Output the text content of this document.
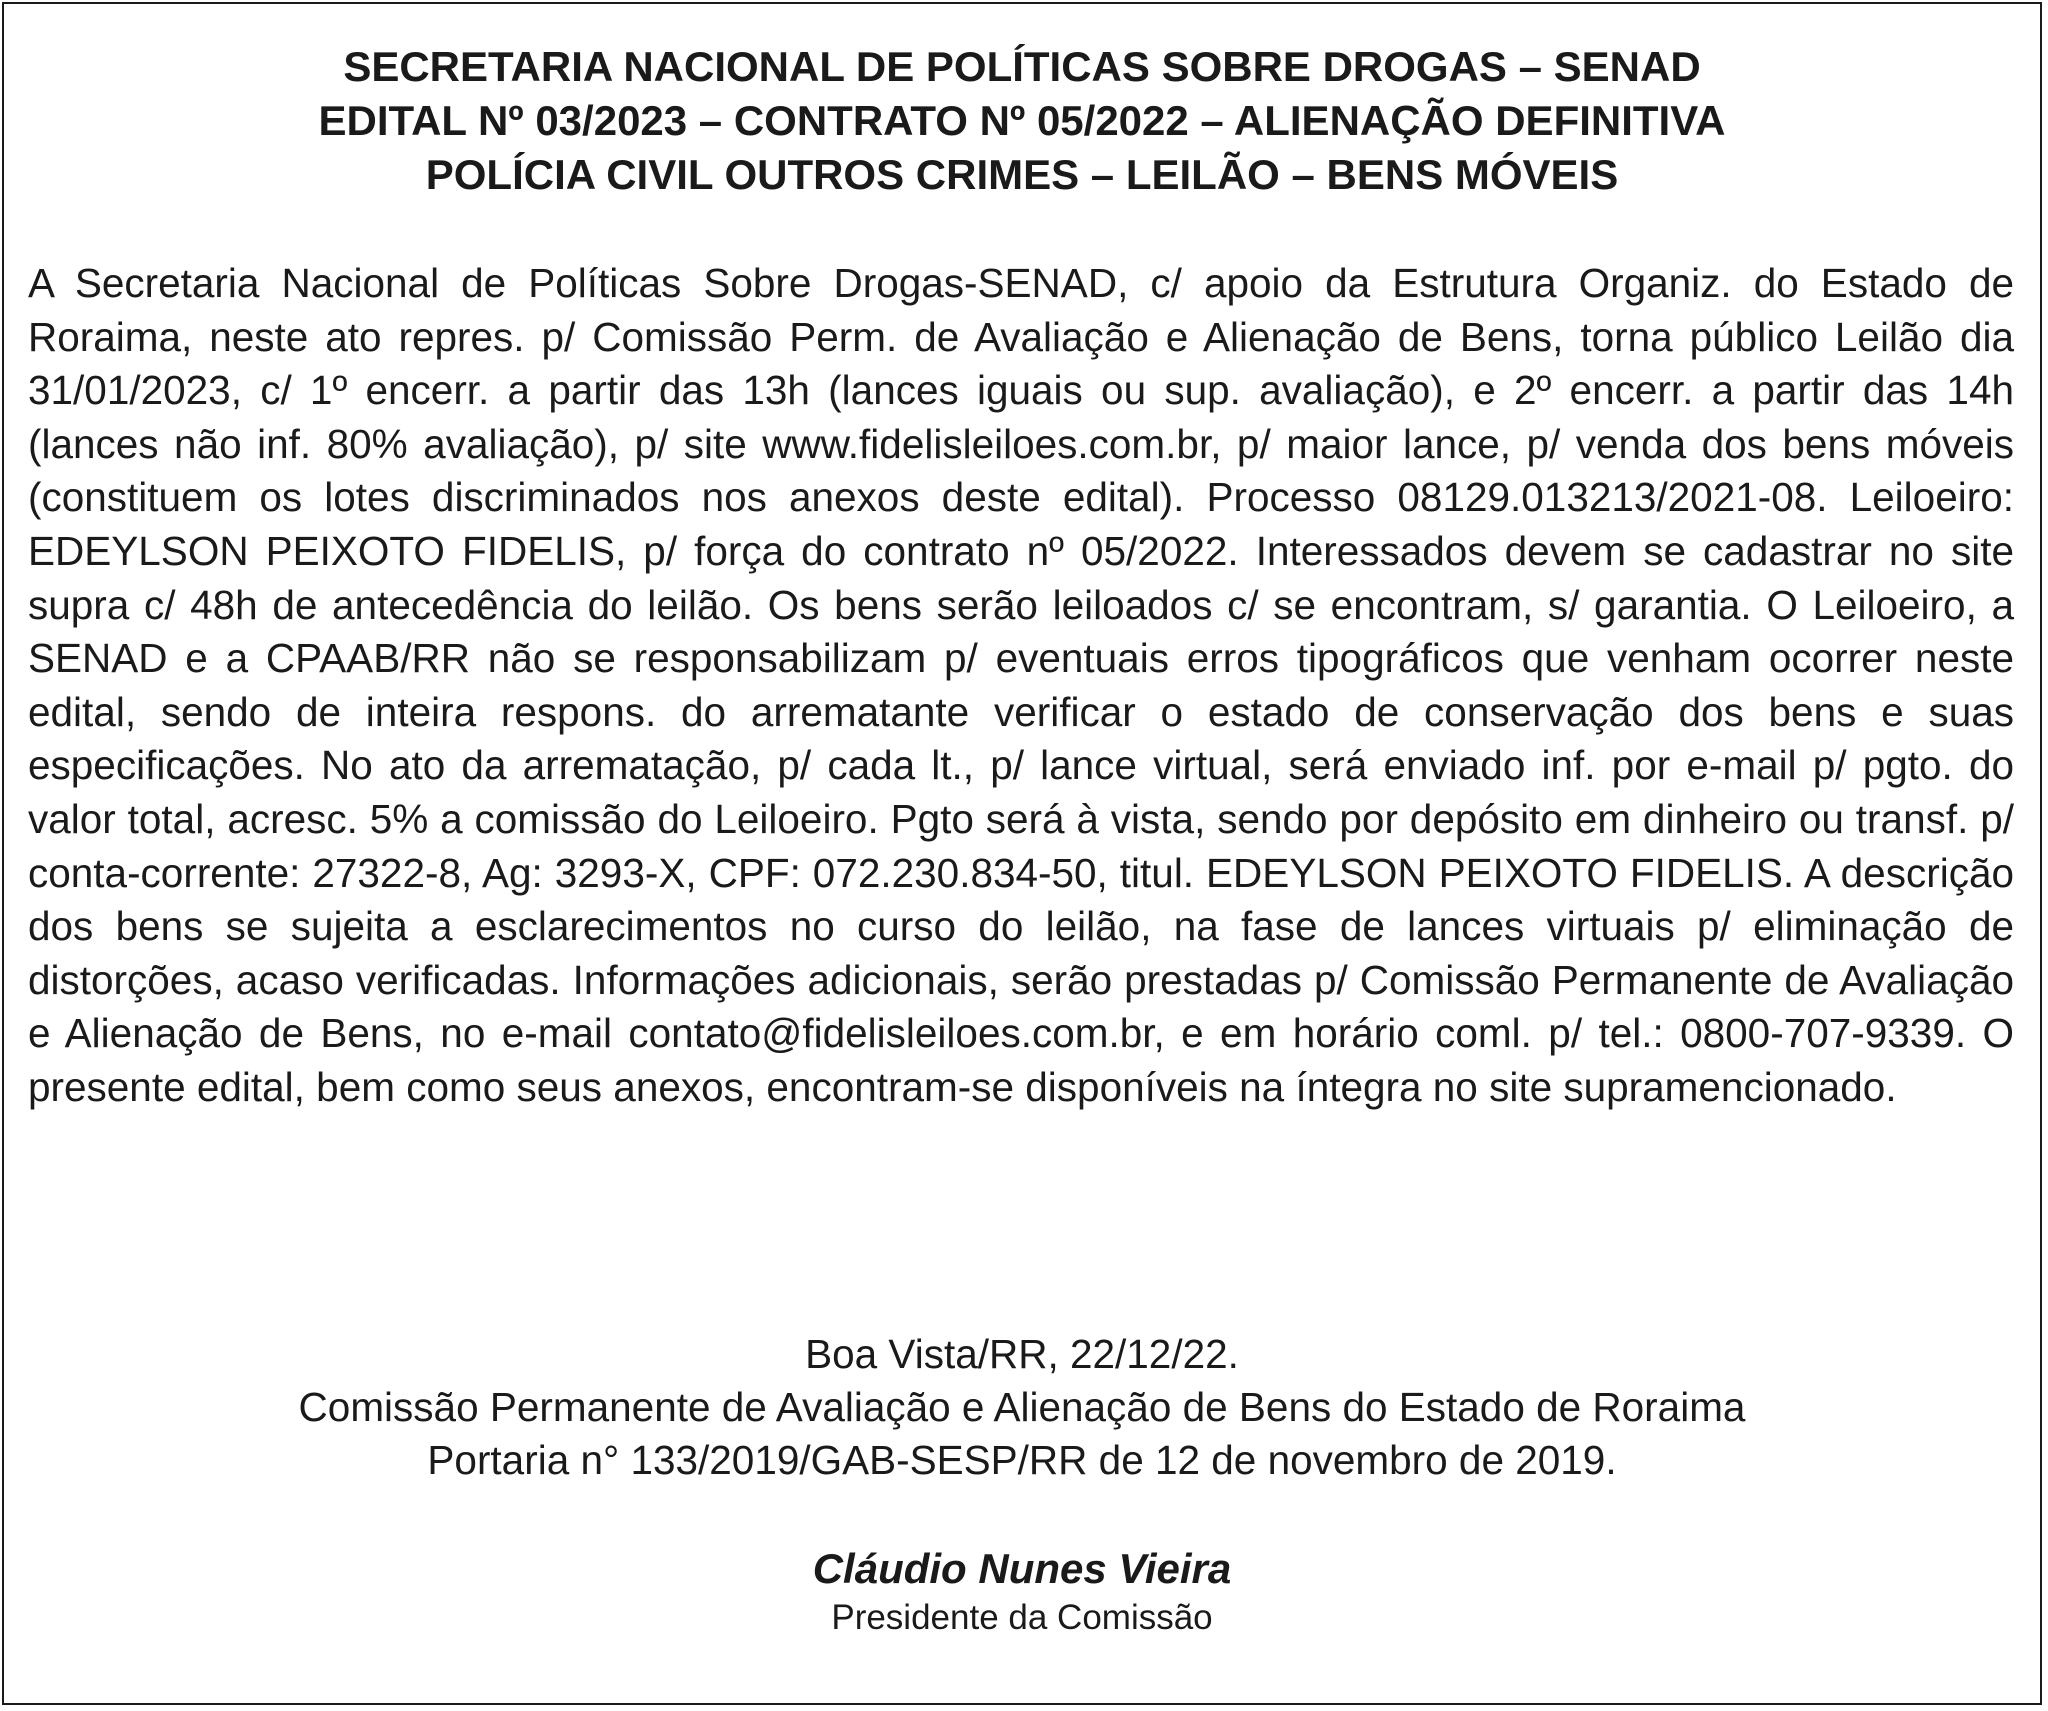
SECRETARIA NACIONAL DE POLÍTICAS SOBRE DROGAS – SENAD
EDITAL Nº 03/2023 – CONTRATO Nº 05/2022 – ALIENAÇÃO DEFINITIVA
POLÍCIA CIVIL OUTROS CRIMES – LEILÃO – BENS MÓVEIS
A Secretaria Nacional de Políticas Sobre Drogas-SENAD, c/ apoio da Estrutura Organiz. do Estado de Roraima, neste ato repres. p/ Comissão Perm. de Avaliação e Alienação de Bens, torna público Leilão dia 31/01/2023, c/ 1º encerr. a partir das 13h (lances iguais ou sup. avaliação), e 2º encerr. a partir das 14h (lances não inf. 80% avaliação), p/ site www.fidelisleiloes.com.br, p/ maior lance, p/ venda dos bens móveis (constituem os lotes discriminados nos anexos deste edital). Processo 08129.013213/2021-08. Leiloeiro: EDEYLSON PEIXOTO FIDELIS, p/ força do contrato nº 05/2022. Interessados devem se cadastrar no site supra c/ 48h de antecedência do leilão. Os bens serão leiloados c/ se encontram, s/ garantia. O Leiloeiro, a SENAD e a CPAAB/RR não se responsabilizam p/ eventuais erros tipográficos que venham ocorrer neste edital, sendo de inteira respons. do arrematante verificar o estado de conservação dos bens e suas especificações. No ato da arrematação, p/ cada lt., p/ lance virtual, será enviado inf. por e-mail p/ pgto. do valor total, acresc. 5% a comissão do Leiloeiro. Pgto será à vista, sendo por depósito em dinheiro ou transf. p/ conta-corrente: 27322-8, Ag: 3293-X, CPF: 072.230.834-50, titul. EDEYLSON PEIXOTO FIDELIS. A descrição dos bens se sujeita a esclarecimentos no curso do leilão, na fase de lances virtuais p/ eliminação de distorções, acaso verificadas. Informações adicionais, serão prestadas p/ Comissão Permanente de Avaliação e Alienação de Bens, no e-mail contato@fidelisleiloes.com.br, e em horário coml. p/ tel.: 0800-707-9339. O presente edital, bem como seus anexos, encontram-se disponíveis na íntegra no site supramencionado.
Boa Vista/RR, 22/12/22.
Comissão Permanente de Avaliação e Alienação de Bens do Estado de Roraima
Portaria n° 133/2019/GAB-SESP/RR de 12 de novembro de 2019.
Cláudio Nunes Vieira
Presidente da Comissão
